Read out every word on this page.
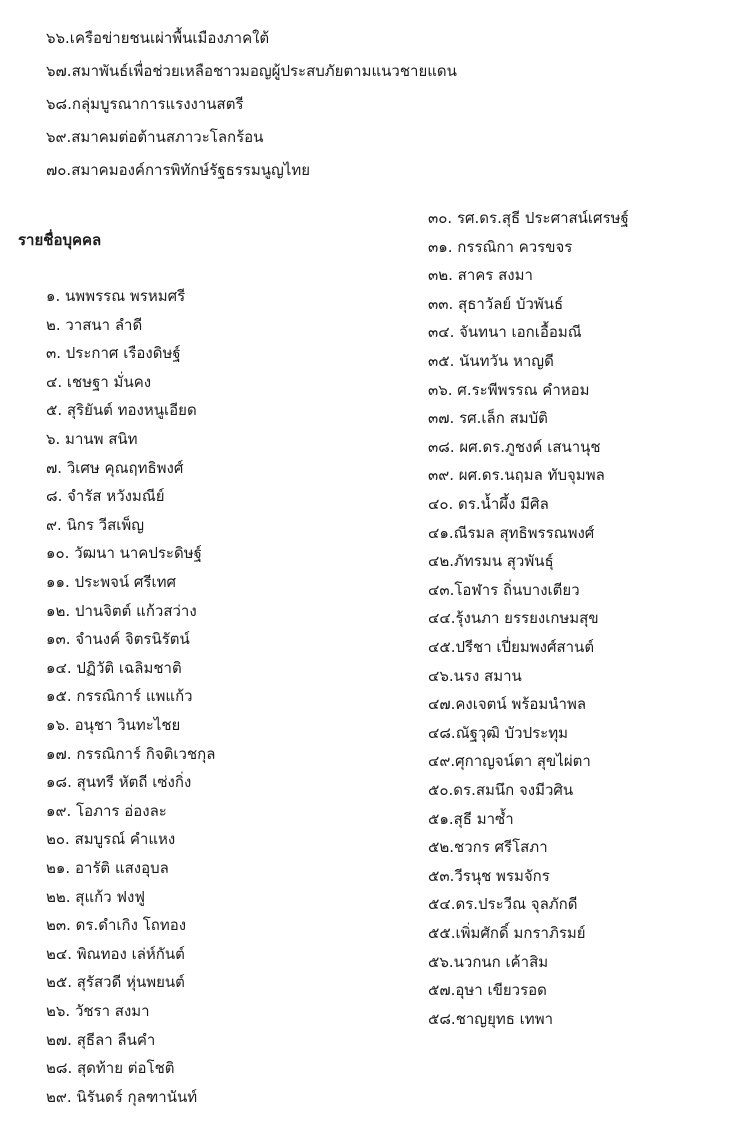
๖๖.เครือข่ายชนเผ่าพื้นเมืองภาคใต้
๖๗.สมาพันธ์เพื่อช่วยเหลือชาวมอญผู้ประสบภัยตามแนวชายแดน
๖๘.กลุ่มบูรณาการแรงงานสตรี
๖๙.สมาคมต่อต้านสภาวะโลกร้อน
๗๐.สมาคมองค์การพิทักษ์รัฐธรรมนูญไทย
รายชื่อบุคคล
๑. นพพรรณ พรหมศรี
๒. วาสนา ลำดี
๓. ประกาศ เรืองดิษฐ์
๔. เชษฐา มั่นคง
๕. สุริยันต์ ทองหนูเอียด
๖. มานพ สนิท
๗. วิเศษ คุณฤทธิพงศ์
๘. จำรัส หวังมณีย์
๙. นิกร วีสเพ็ญ
๑๐. วัฒนา นาคประดิษฐ์
๑๑. ประพจน์ ศรีเทศ
๑๒. ปานจิตต์ แก้วสว่าง
๑๓. จำนงค์ จิตรนิรัตน์
๑๔. ปฏิวัติ เฉลิมชาติ
๑๕. กรรณิการ์ แพแก้ว
๑๖. อนุชา วินทะไชย
๑๗. กรรณิการ์ กิจติเวชกุล
๑๘. สุนทรี หัตถี เซ่งกิ่ง
๑๙. โอภาร อ่องละ
๒๐. สมบูรณ์ คำแหง
๒๑. อารัติ แสงอุบล
๒๒. สุแก้ว ฟงฟู
๒๓. ดร.ดำเกิง โถทอง
๒๔. พิณทอง เล่ห์กันต์
๒๕. สุรัสวดี หุ่นพยนต์
๒๖. วัชรา สงมา
๒๗. สุธีลา ลืนคำ
๒๘. สุดท้าย ต่อโชติ
๒๙. นิรันดร์ กุลฑานันท์
๓๐. รศ.ดร.สุธี ประศาสน์เศรษฐ์
๓๑. กรรณิกา ควรขจร
๓๒. สาคร สงมา
๓๓. สุธาวัลย์ บัวพันธ์
๓๔. จันทนา เอกเอื้อมณี
๓๕. นันทวัน หาญดี
๓๖. ศ.ระพีพรรณ คำหอม
๓๗. รศ.เล็ก สมบัติ
๓๘. ผศ.ดร.ภูชงค์ เสนานุช
๓๙. ผศ.ดร.นฤมล ทับจุมพล
๔๐. ดร.น้ำผึ้ง มีศิล
๔๑.ณีรมล สุทธิพรรณพงศ์
๔๒.ภัทรมน สุวพันธุ์
๔๓.โอฬาร ถิ่นบางเตียว
๔๔.รุ้งนภา ยรรยงเกษมสุข
๔๕.ปรีชา เปี่ยมพงศ์สานต์
๔๖.นรง สมาน
๔๗.คงเจตน์ พร้อมนำพล
๔๘.ณัฐวุฒิ บัวประทุม
๔๙.ศุกาญจน์ตา สุขไผ่ตา
๕๐.ดร.สมนึก จงมีวศิน
๕๑.สุธี มาซ้ำ
๕๒.ชวกร ศรีโสภา
๕๓.วีรนุช พรมจักร
๕๔.ดร.ประวีณ จุลภักดี
๕๕.เพิ่มศักดิ์ มกราภิรมย์
๕๖.นวกนก เค้าสิม
๕๗.อุษา เขียวรอด
๕๘.ชาญยุทธ เทพา
